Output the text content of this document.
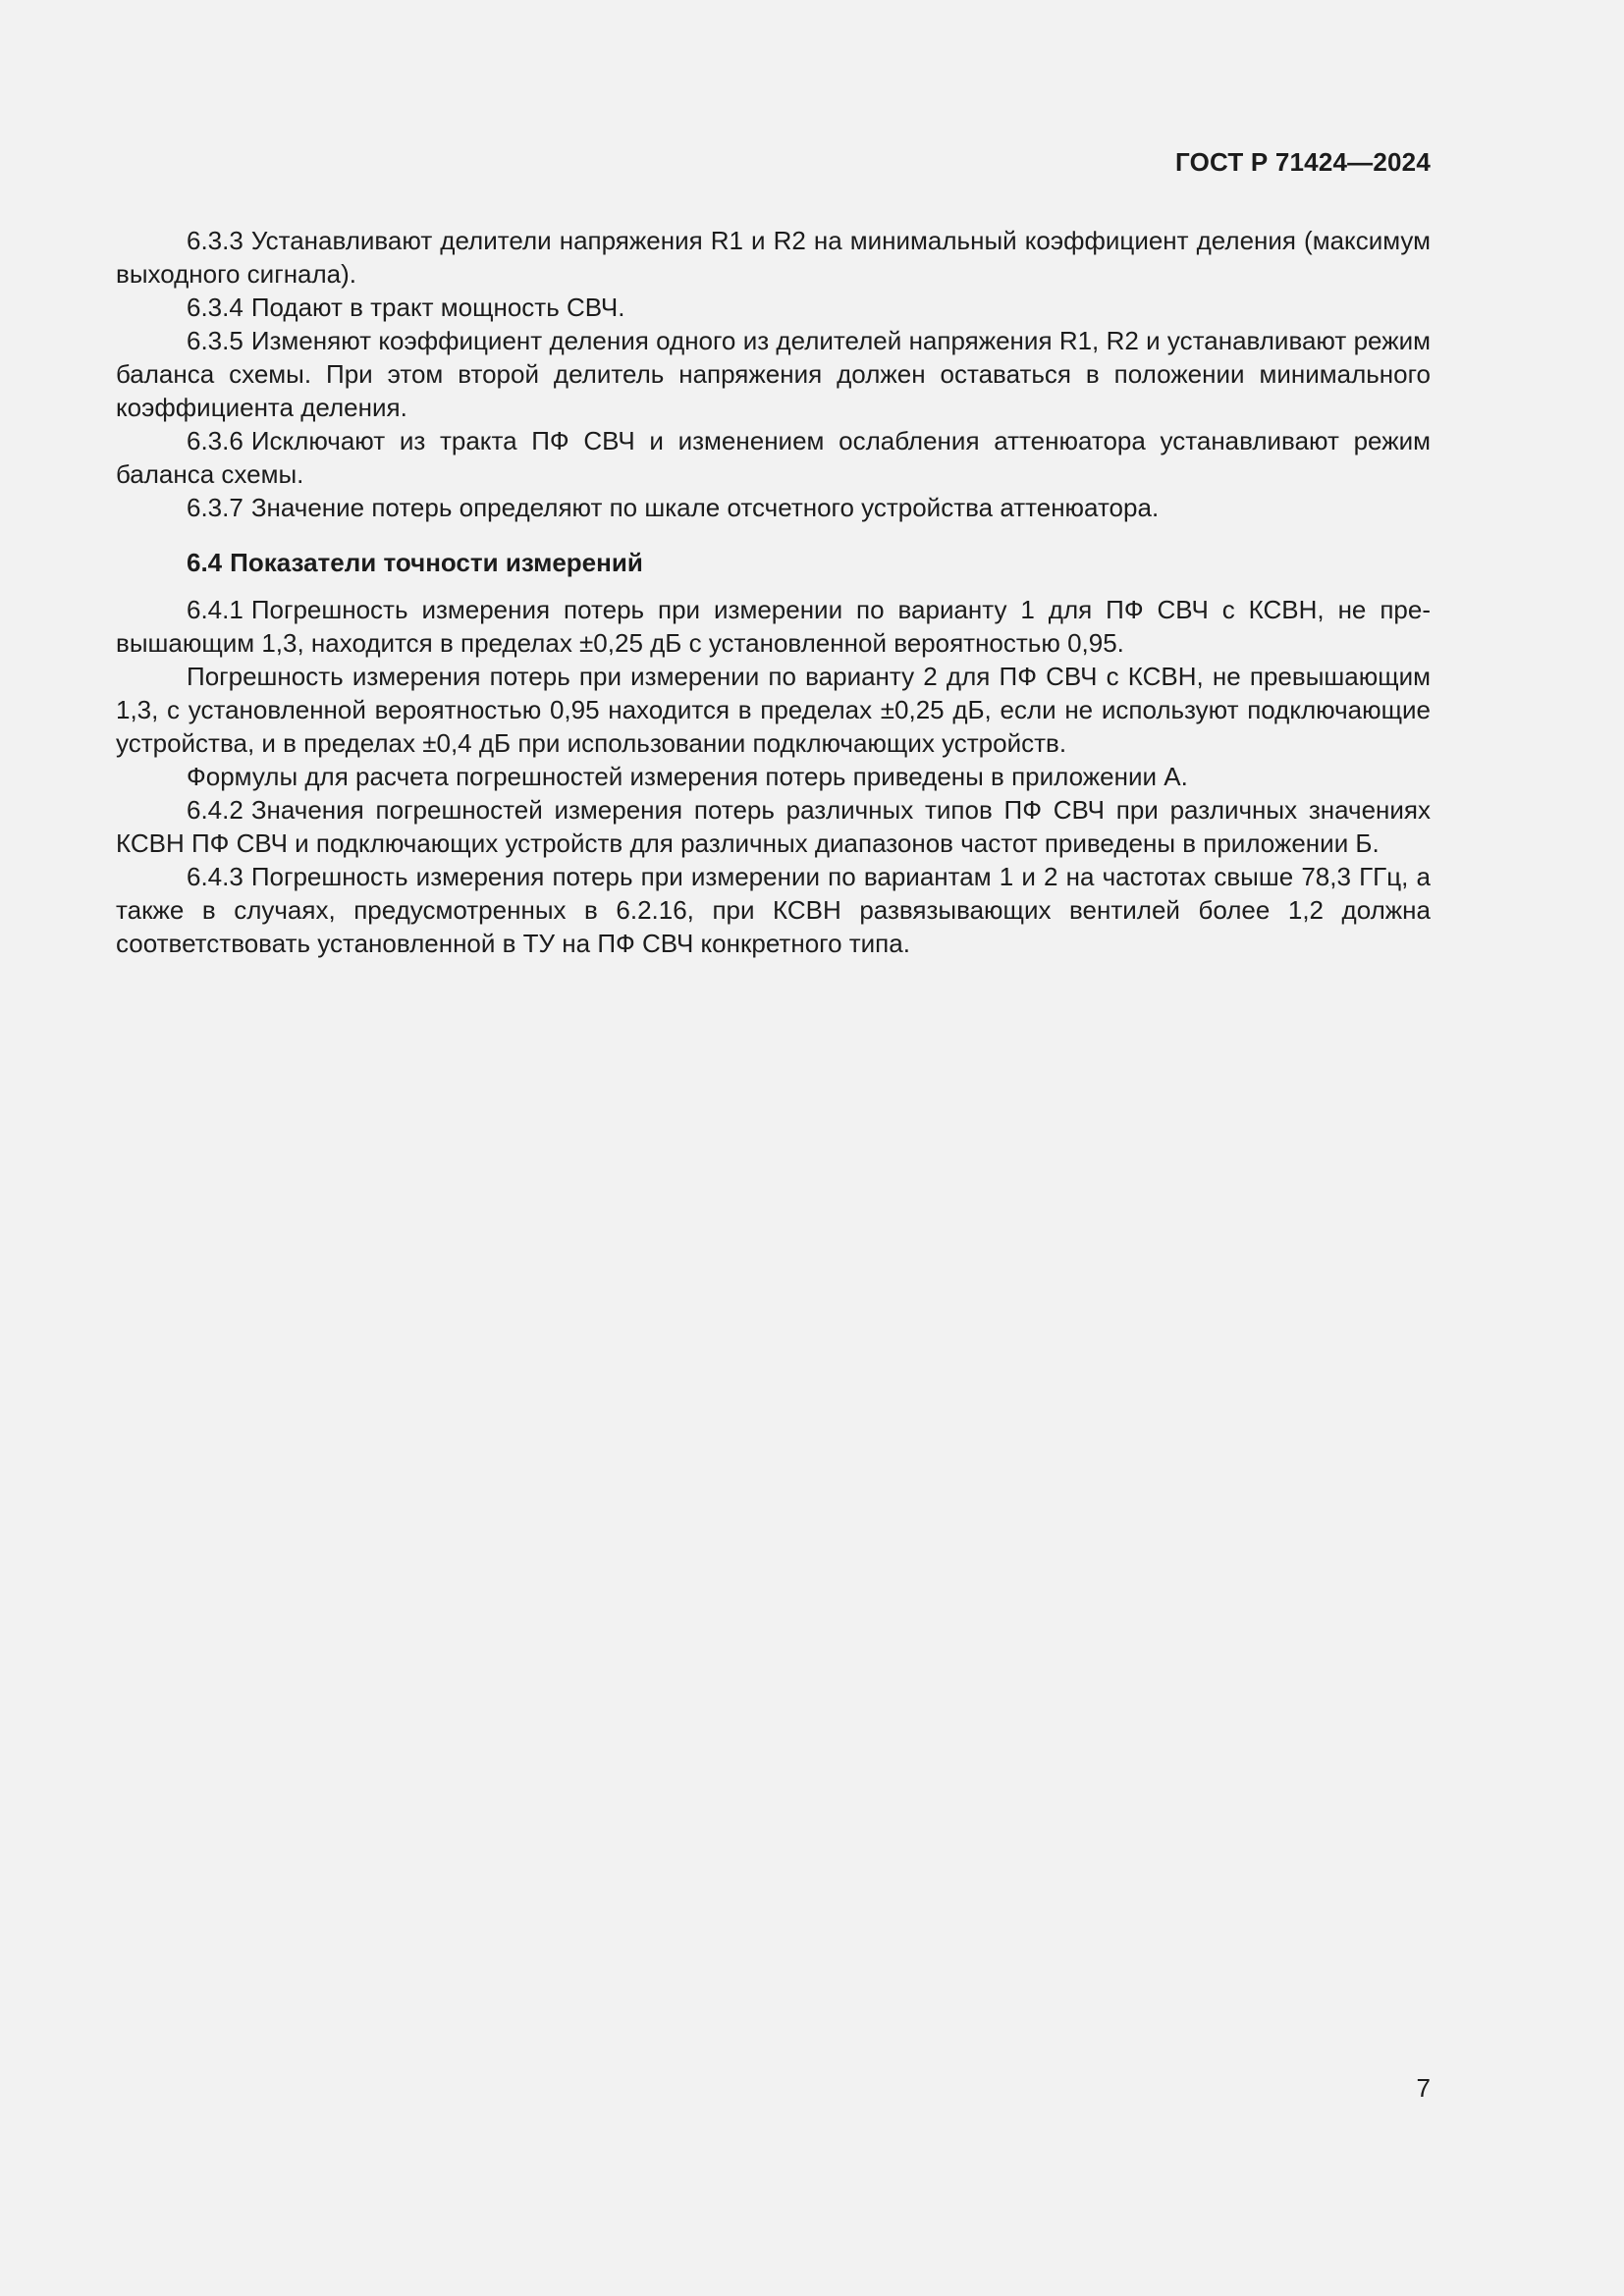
ГОСТ Р 71424—2024

6.3.3 Устанавливают делители напряжения R1 и R2 на минимальный коэффициент деления (максимум выходного сигнала).

6.3.4 Подают в тракт мощность СВЧ.

6.3.5 Изменяют коэффициент деления одного из делителей напряжения R1, R2 и устанавливают режим баланса схемы. При этом второй делитель напряжения должен оставаться в положении минимального коэффициента деления.

6.3.6 Исключают из тракта ПФ СВЧ и изменением ослабления аттенюатора устанавливают режим баланса схемы.

6.3.7 Значение потерь определяют по шкале отсчетного устройства аттенюатора.

6.4 Показатели точности измерений

6.4.1 Погрешность измерения потерь при измерении по варианту 1 для ПФ СВЧ с КСВН, не превышающим 1,3, находится в пределах ±0,25 дБ с установленной вероятностью 0,95.

Погрешность измерения потерь при измерении по варианту 2 для ПФ СВЧ с КСВН, не превышающим 1,3, с установленной вероятностью 0,95 находится в пределах ±0,25 дБ, если не используют подключающие устройства, и в пределах ±0,4 дБ при использовании подключающих устройств.

Формулы для расчета погрешностей измерения потерь приведены в приложении А.

6.4.2 Значения погрешностей измерения потерь различных типов ПФ СВЧ при различных значениях КСВН ПФ СВЧ и подключающих устройств для различных диапазонов частот приведены в приложении Б.

6.4.3 Погрешность измерения потерь при измерении по вариантам 1 и 2 на частотах свыше 78,3 ГГц, а также в случаях, предусмотренных в 6.2.16, при КСВН развязывающих вентилей более 1,2 должна соответствовать установленной в ТУ на ПФ СВЧ конкретного типа.

7
